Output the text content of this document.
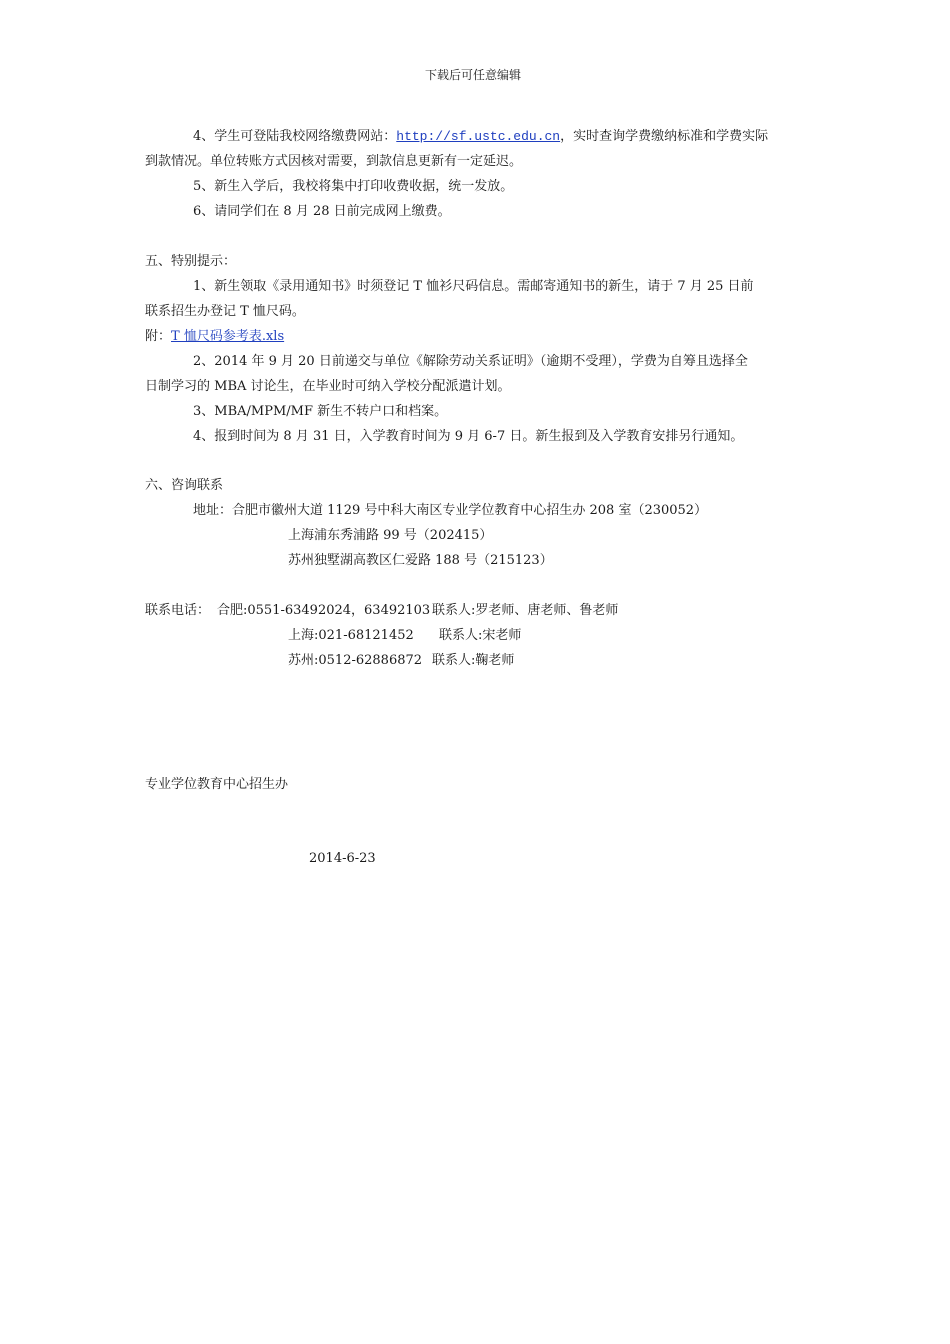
下载后可任意编辑
4、学生可登陆我校网络缴费网站：http://sf.ustc.edu.cn，实时查询学费缴纳标准和学费实际
到款情况。单位转账方式因核对需要，到款信息更新有一定延迟。
5、新生入学后，我校将集中打印收费收据，统一发放。
6、请同学们在 8 月 28 日前完成网上缴费。
五、特别提示：
1、新生领取《录用通知书》时须登记 T 恤衫尺码信息。需邮寄通知书的新生，请于 7 月 25 日前
联系招生办登记 T 恤尺码。
附：T 恤尺码参考表.xls
2、2014 年 9 月 20 日前递交与单位《解除劳动关系证明》（逾期不受理），学费为自筹且选择全
日制学习的 MBA 讨论生，在毕业时可纳入学校分配派遣计划。
3、MBA/MPM/MF 新生不转户口和档案。
4、报到时间为 8 月 31 日，入学教育时间为 9 月 6-7 日。新生报到及入学教育安排另行通知。
六、咨询联系
地址：合肥市徽州大道 1129 号中科大南区专业学位教育中心招生办 208 室（230052）
上海浦东秀浦路 99 号（202415）
苏州独墅湖高教区仁爱路 188 号（215123）
联系电话： 合肥:0551-63492024，63492103 联系人:罗老师、唐老师、鲁老师
上海:021-68121452 联系人:宋老师
苏州:0512-62886872 联系人:鞠老师
专业学位教育中心招生办
2014-6-23
